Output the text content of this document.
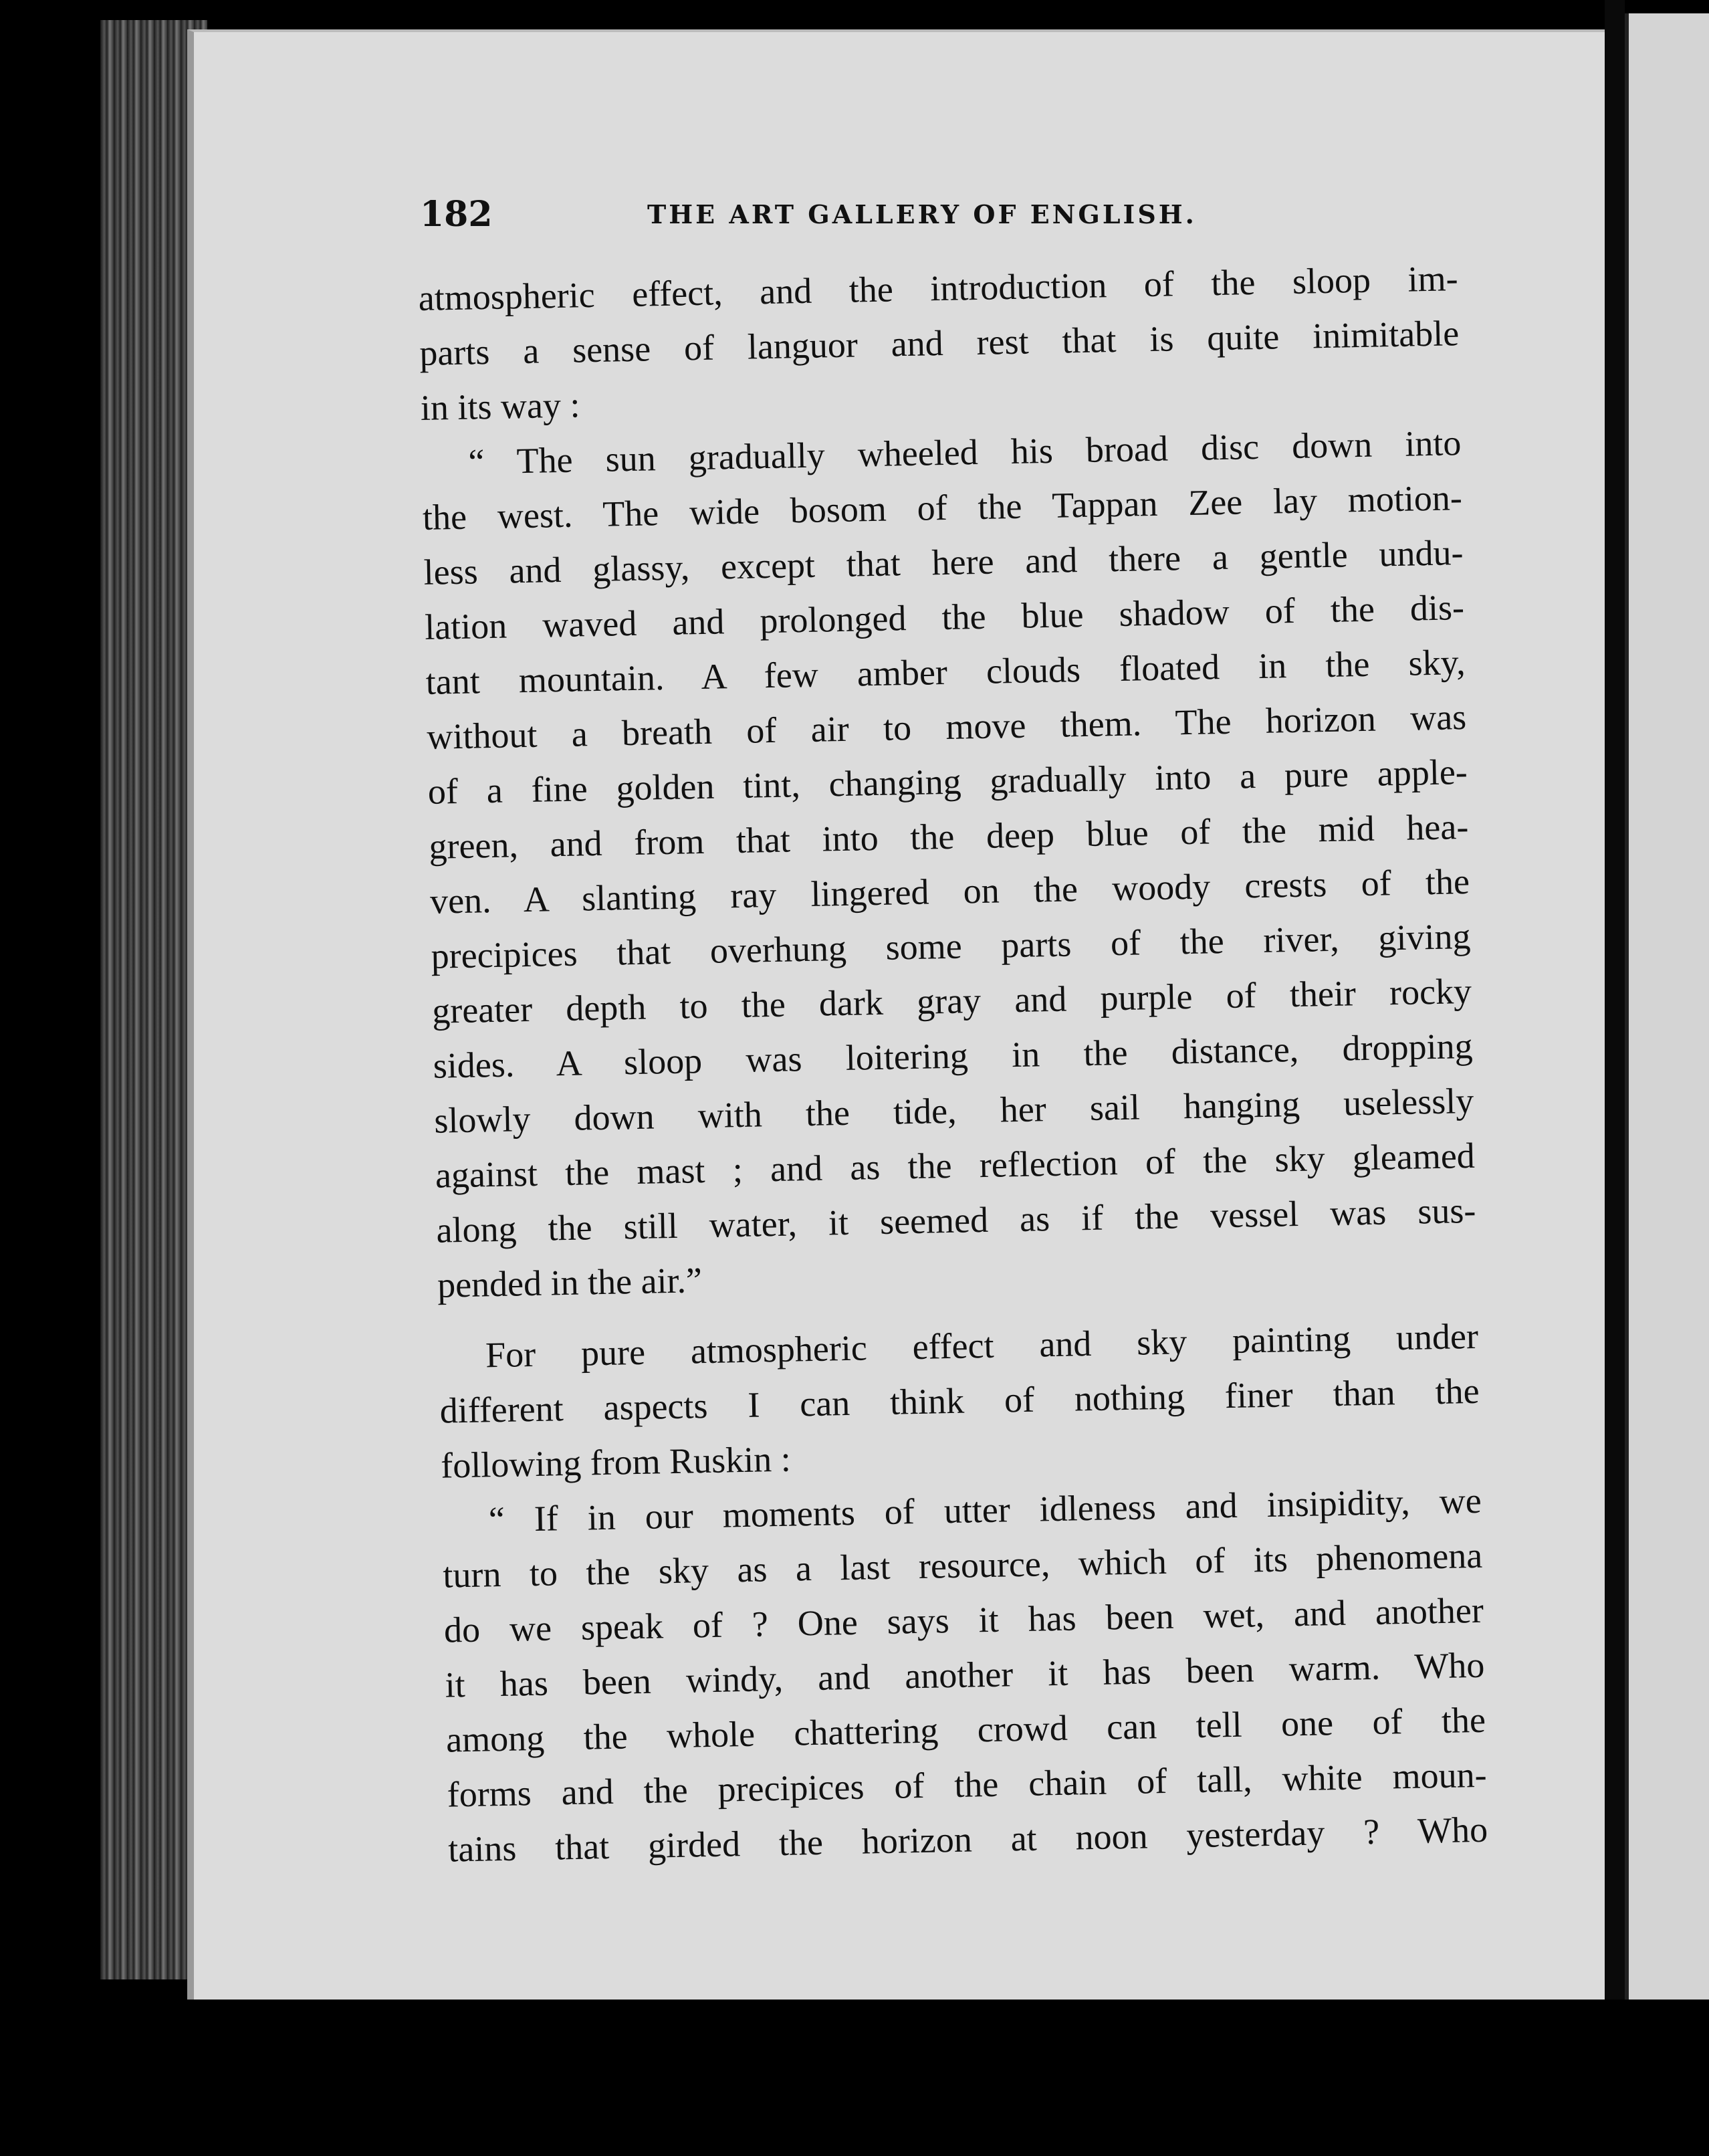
182	THE ART GALLERY OF ENGLISH.
atmospheric effect, and the introduction of the sloop im-
parts a sense of languor and rest that is quite inimitable
in its way :
“ The sun gradually wheeled his broad disc down into
the west. The wide bosom of the Tappan Zee lay motion-
less and glassy, except that here and there a gentle undu-
lation waved and prolonged the blue shadow of the dis-
tant mountain. A few amber clouds floated in the sky,
without a breath of air to move them. The horizon was
of a fine golden tint, changing gradually into a pure apple-
green, and from that into the deep blue of the mid hea-
ven. A slanting ray lingered on the woody crests of the
precipices that overhung some parts of the river, giving
greater depth to the dark gray and purple of their rocky
sides. A sloop was loitering in the distance, dropping
slowly down with the tide, her sail hanging uselessly
against the mast ; and as the reflection of the sky gleamed
along the still water, it seemed as if the vessel was sus-
pended in the air.”
For pure atmospheric effect and sky painting under
different aspects I can think of nothing finer than the
following from Ruskin :
“ If in our moments of utter idleness and insipidity, we
turn to the sky as a last resource, which of its phenomena
do we speak of ? One says it has been wet, and another
it has been windy, and another it has been warm. Who
among the whole chattering crowd can tell one of the
forms and the precipices of the chain of tall, white moun-
tains that girded the horizon at noon yesterday ? Who
